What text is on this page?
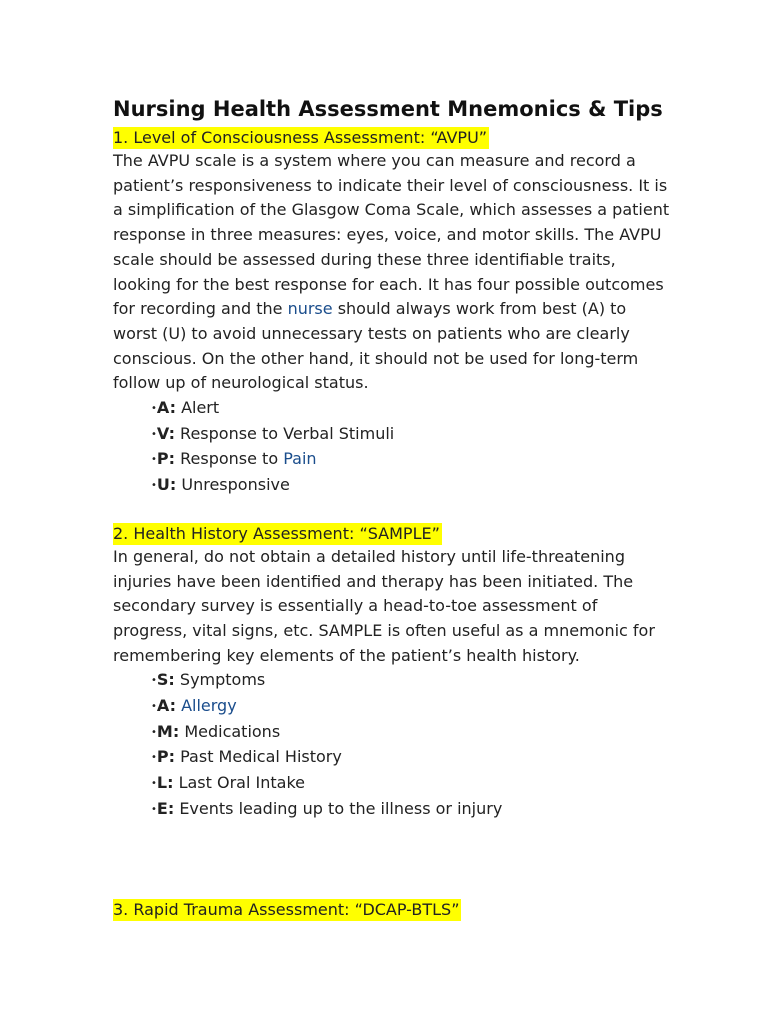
Nursing Health Assessment Mnemonics & Tips
1. Level of Consciousness Assessment: “AVPU”

The AVPU scale is a system where you can measure and record a patient’s responsiveness to indicate their level of consciousness. It is a simplification of the Glasgow Coma Scale, which assesses a patient response in three measures: eyes, voice, and motor skills. The AVPU scale should be assessed during these three identifiable traits, looking for the best response for each. It has four possible outcomes for recording and the nurse should always work from best (A) to worst (U) to avoid unnecessary tests on patients who are clearly conscious. On the other hand, it should not be used for long-term follow up of neurological status.

•A: Alert
•V: Response to Verbal Stimuli
•P: Response to Pain
•U: Unresponsive
2. Health History Assessment: “SAMPLE”

In general, do not obtain a detailed history until life-threatening injuries have been identified and therapy has been initiated. The secondary survey is essentially a head-to-toe assessment of progress, vital signs, etc. SAMPLE is often useful as a mnemonic for remembering key elements of the patient’s health history.

•S: Symptoms
•A: Allergy
•M: Medications
•P: Past Medical History
•L: Last Oral Intake
•E: Events leading up to the illness or injury
3. Rapid Trauma Assessment: “DCAP-BTLS”
